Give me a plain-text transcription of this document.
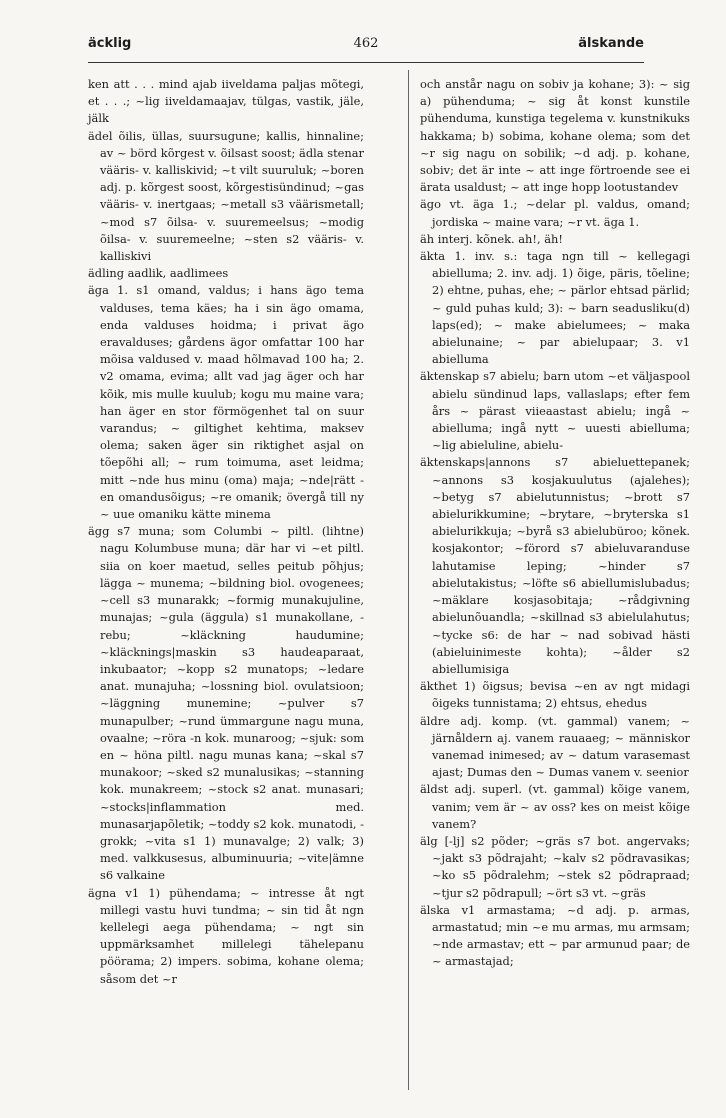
äcklig	462	älskande

ken att . . . mind ajab iiveldama paljas mõtegi, et . . .; ~lig iiveldamaajav, tülgas, vastik, jäle, jälk

ädel õilis, üllas, suursugune; kallis, hinnaline; av ~ börd kõrgest v. õilsast soost; ädla stenar vääris- v. kalliskivid; ~t vilt suuruluk; ~boren adj. p. kõrgest soost, kõrgestisündinud; ~gas vääris- v. inertgaas; ~metall s3 väärismetall; ~mod s7 õilsa- v. suuremeelsus; ~modig õilsa- v. suuremeelne; ~sten s2 vääris- v. kalliskivi

ädling aadlik, aadlimees

äga 1. s1 omand, valdus; i hans ägo tema valduses, tema käes; ha i sin ägo omama, enda valduses hoidma; i privat ägo eravalduses; gårdens ägor omfattar 100 har mõisa valdused v. maad hõlmavad 100 ha; 2. v2 omama, evima; allt vad jag äger och har kõik, mis mulle kuulub; kogu mu maine vara; han äger en stor förmögenhet tal on suur varandus; ~ giltighet kehtima, maksev olema; saken äger sin riktighet asjal on tõepõhi all; ~ rum toimuma, aset leidma; mitt ~nde hus minu (oma) maja; ~nde|rätt -en omandusõigus; ~re omanik; övergå till ny ~ uue omaniku kätte minema

ägg s7 muna; som Columbi ~ piltl. (lihtne) nagu Kolumbuse muna; där har vi ~et piltl. siia on koer maetud, selles peitub põhjus; lägga ~ munema; ~bildning biol. ovogenees; ~cell s3 munarakk; ~formig munakujuline, munajas; ~gula (äggula) s1 munakollane, -rebu; ~kläckning haudumine; ~kläcknings|maskin s3 haudeaparaat, inkubaator; ~kopp s2 munatops; ~ledare anat. munajuha; ~lossning biol. ovulatsioon; ~läggning munemine; ~pulver s7 munapulber; ~rund ümmargune nagu muna, ovaalne; ~röra -n kok. munaroog; ~sjuk: som en ~ höna piltl. nagu munas kana; ~skal s7 munakoor; ~sked s2 munalusikas; ~stanning kok. munakreem; ~stock s2 anat. munasari; ~stocks|inflammation med. munasarjapõletik; ~toddy s2 kok. munatodi, -grokk; ~vita s1 1) munavalge; 2) valk; 3) med. valkkusesus, albuminuuria; ~vite|ämne s6 valkaine

ägna v1 1) pühendama; ~ intresse åt ngt millegi vastu huvi tundma; ~ sin tid åt ngn kellelegi aega pühendama; ~ ngt sin uppmärksamhet millelegi tähelepanu pöörama; 2) impers. sobima, kohane olema; såsom det ~r

och anstår nagu on sobiv ja kohane; 3): ~ sig a) pühenduma; ~ sig åt konst kunstile pühenduma, kunstiga tegelema v. kunstnikuks hakkama; b) sobima, kohane olema; som det ~r sig nagu on sobilik; ~d adj. p. kohane, sobiv; det är inte ~ att inge förtroende see ei ärata usaldust; ~ att inge hopp lootustandev

ägo vt. äga 1.; ~delar pl. valdus, omand; jordiska ~ maine vara; ~r vt. äga 1.

äh interj. kõnek. ah!, äh!

äkta 1. inv. s.: taga ngn till ~ kellegagi abielluma; 2. inv. adj. 1) õige, päris, tõeline; 2) ehtne, puhas, ehe; ~ pärlor ehtsad pärlid; ~ guld puhas kuld; 3): ~ barn seadusliku(d) laps(ed); ~ make abielumees; ~ maka abielunaine; ~ par abielupaar; 3. v1 abielluma

äktenskap s7 abielu; barn utom ~et väljaspool abielu sündinud laps, vallaslaps; efter fem års ~ pärast viieaastast abielu; ingå ~ abielluma; ingå nytt ~ uuesti abielluma; ~lig abieluline, abielu-

äktenskaps|annons s7 abieluettepanek; ~annons s3 kosjakuulutus (ajalehes); ~betyg s7 abielutunnistus; ~brott s7 abielurikkumine; ~brytare, ~bryterska s1 abielurikkuja; ~byrå s3 abielubüroo; kõnek. kosjakontor; ~förord s7 abieluvaranduse lahutamise leping; ~hinder s7 abielutakistus; ~löfte s6 abiellumislubadus; ~mäklare kosjasobitaja; ~rådgivning abielunõuandla; ~skillnad s3 abielulahutus; ~tycke s6: de har ~ nad sobivad hästi (abieluinimeste kohta); ~ålder s2 abiellumisiga

äkthet 1) õigsus; bevisa ~en av ngt midagi õigeks tunnistama; 2) ehtsus, ehedus

äldre adj. komp. (vt. gammal) vanem; ~ järnåldern aj. vanem rauaaeg; ~ människor vanemad inimesed; av ~ datum varasemast ajast; Dumas den ~ Dumas vanem v. seenior

äldst adj. superl. (vt. gammal) kõige vanem, vanim; vem är ~ av oss? kes on meist kõige vanem?

älg [-lj] s2 põder; ~gräs s7 bot. angervaks; ~jakt s3 põdrajaht; ~kalv s2 põdravasikas; ~ko s5 põdralehm; ~stek s2 põdrapraad; ~tjur s2 põdrapull; ~ört s3 vt. ~gräs

älska v1 armastama; ~d adj. p. armas, armastatud; min ~e mu armas, mu armsam; ~nde armastav; ett ~ par armunud paar; de ~ armastajad;
